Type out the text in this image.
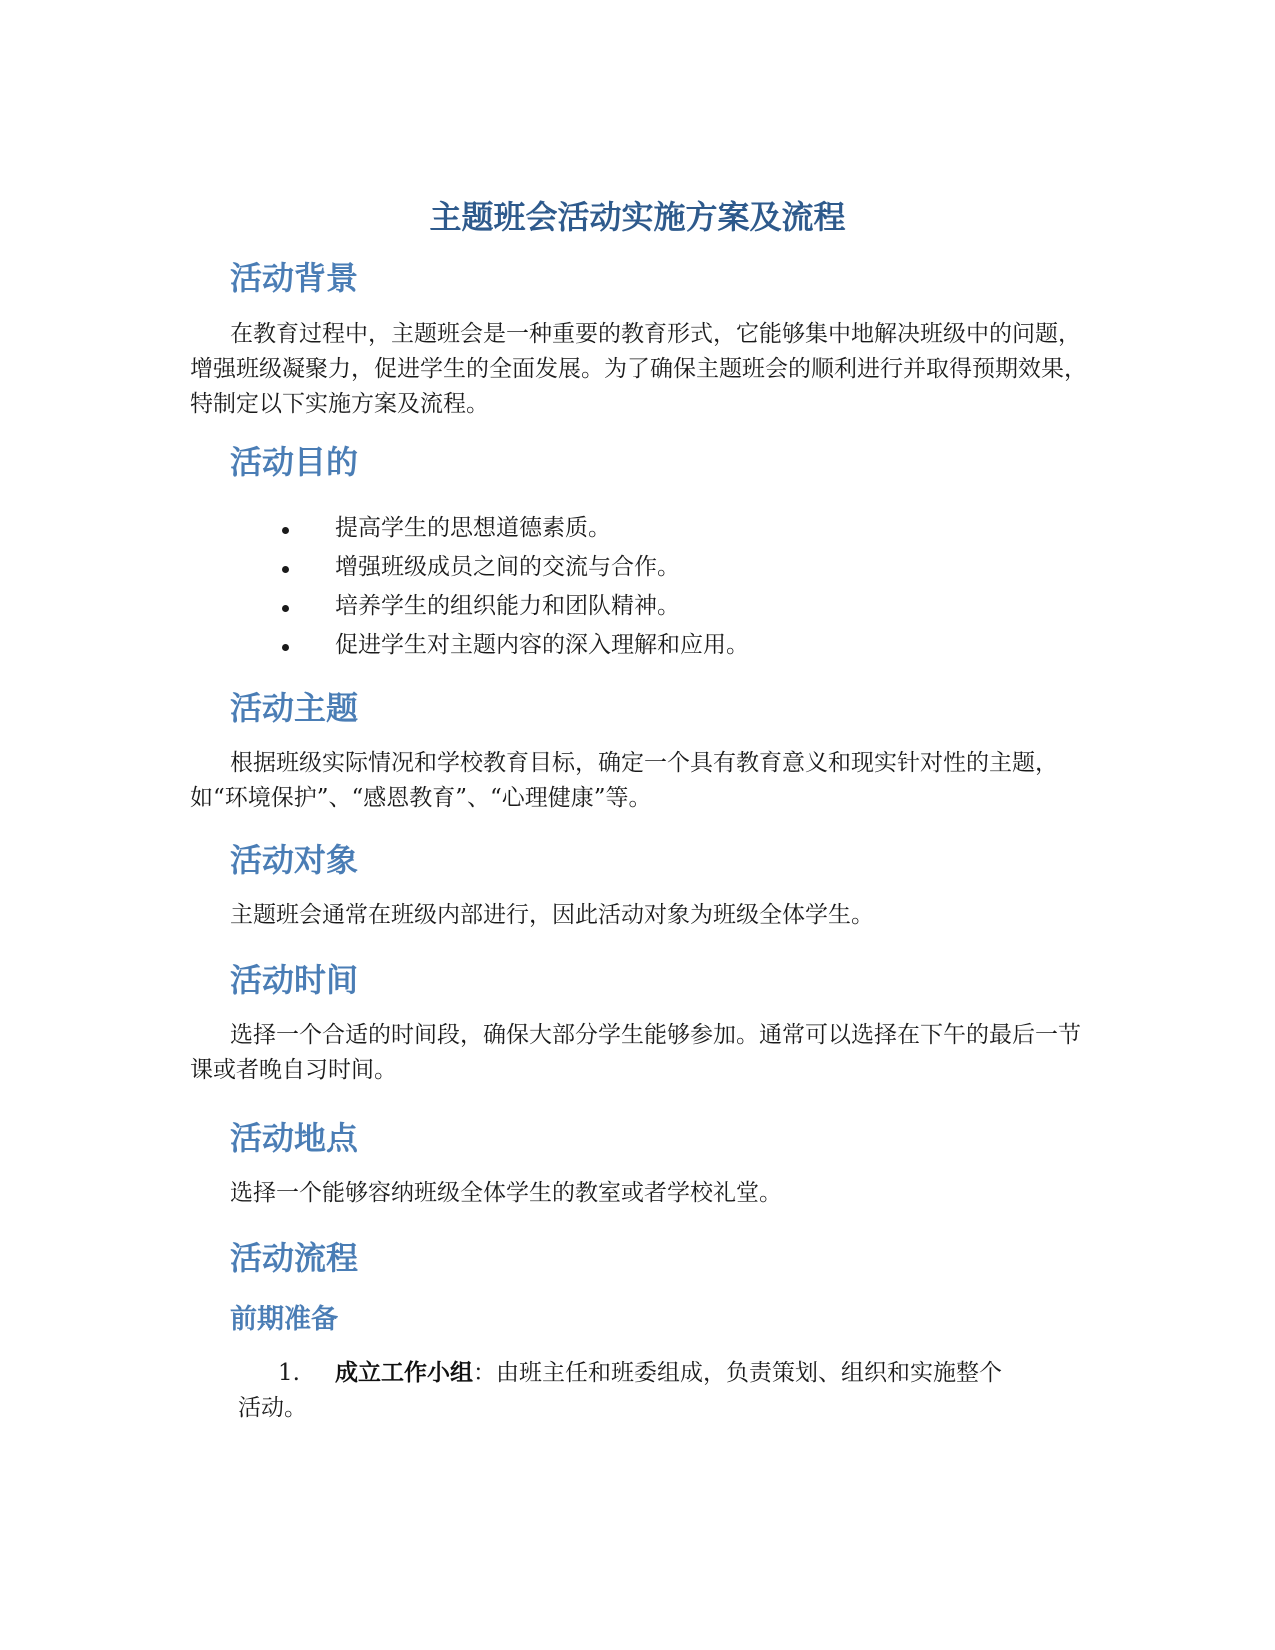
主题班会活动实施方案及流程
活动背景

在教育过程中，主题班会是一种重要的教育形式，它能够集中地解决班级中的问题，增强班级凝聚力，促进学生的全面发展。为了确保主题班会的顺利进行并取得预期效果，特制定以下实施方案及流程。

活动目的
提高学生的思想道德素质。
增强班级成员之间的交流与合作。
培养学生的组织能力和团队精神。
促进学生对主题内容的深入理解和应用。
活动主题

根据班级实际情况和学校教育目标，确定一个具有教育意义和现实针对性的主题，如“环境保护”、“感恩教育”、“心理健康”等。

活动对象

主题班会通常在班级内部进行，因此活动对象为班级全体学生。

活动时间

选择一个合适的时间段，确保大部分学生能够参加。通常可以选择在下午的最后一节课或者晚自习时间。

活动地点

选择一个能够容纳班级全体学生的教室或者学校礼堂。

活动流程
前期准备
1. 成立工作小组：由班主任和班委组成，负责策划、组织和实施整个
活动。
